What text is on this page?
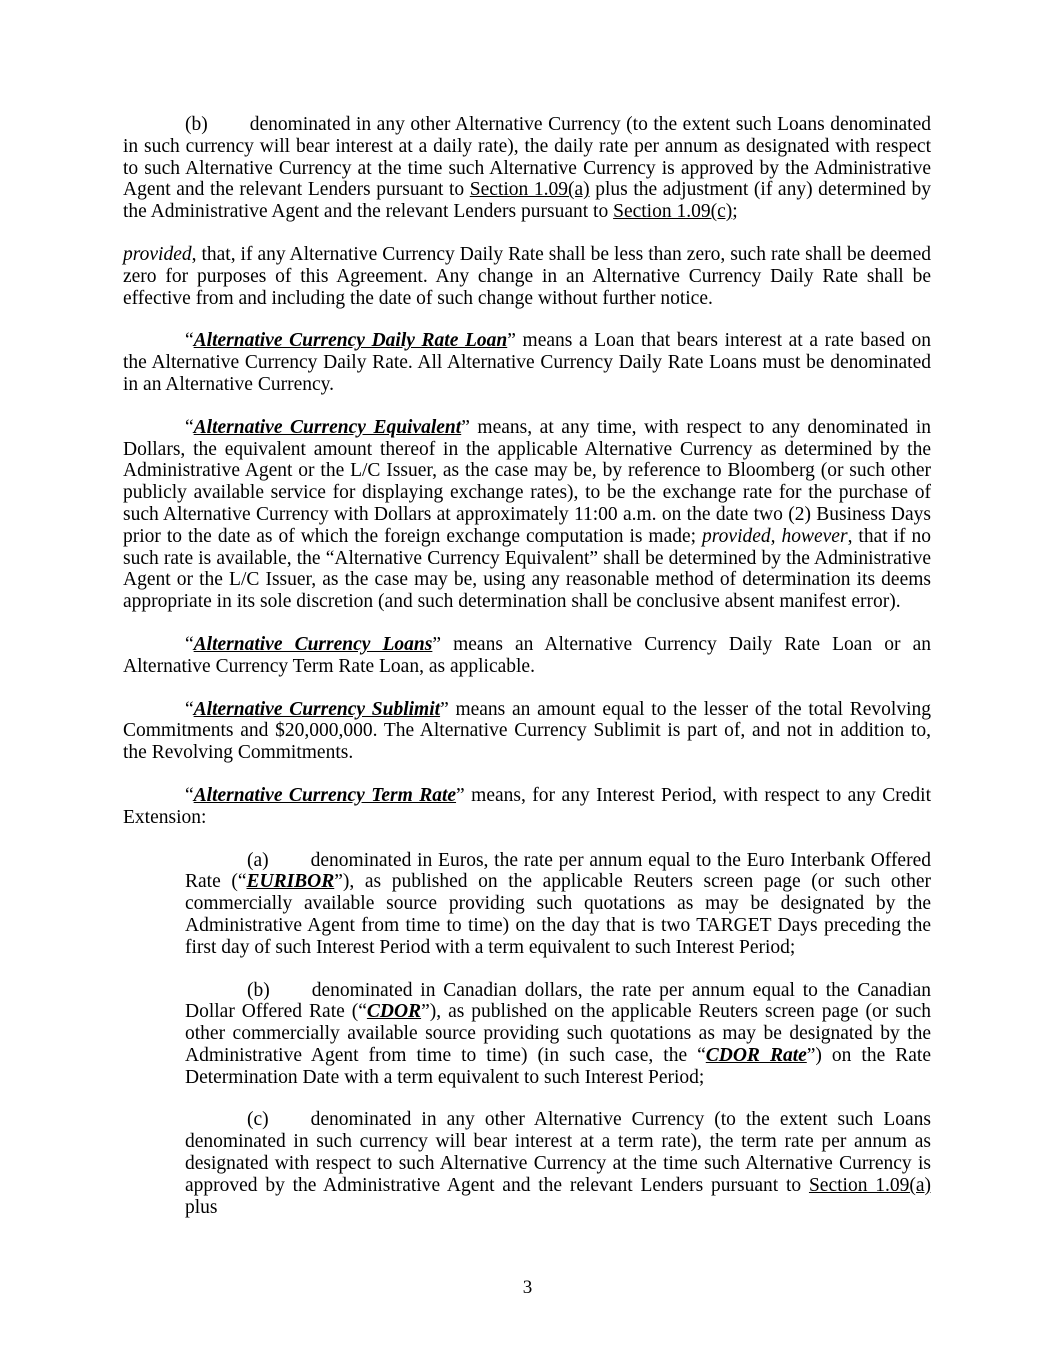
(b) denominated in any other Alternative Currency (to the extent such Loans denominated in such currency will bear interest at a daily rate), the daily rate per annum as designated with respect to such Alternative Currency at the time such Alternative Currency is approved by the Administrative Agent and the relevant Lenders pursuant to Section 1.09(a) plus the adjustment (if any) determined by the Administrative Agent and the relevant Lenders pursuant to Section 1.09(c);

provided, that, if any Alternative Currency Daily Rate shall be less than zero, such rate shall be deemed zero for purposes of this Agreement. Any change in an Alternative Currency Daily Rate shall be effective from and including the date of such change without further notice.

“Alternative Currency Daily Rate Loan” means a Loan that bears interest at a rate based on the Alternative Currency Daily Rate. All Alternative Currency Daily Rate Loans must be denominated in an Alternative Currency.

“Alternative Currency Equivalent” means, at any time, with respect to any denominated in Dollars, the equivalent amount thereof in the applicable Alternative Currency as determined by the Administrative Agent or the L/C Issuer, as the case may be, by reference to Bloomberg (or such other publicly available service for displaying exchange rates), to be the exchange rate for the purchase of such Alternative Currency with Dollars at approximately 11:00 a.m. on the date two (2) Business Days prior to the date as of which the foreign exchange computation is made; provided, however, that if no such rate is available, the “Alternative Currency Equivalent” shall be determined by the Administrative Agent or the L/C Issuer, as the case may be, using any reasonable method of determination its deems appropriate in its sole discretion (and such determination shall be conclusive absent manifest error).

“Alternative Currency Loans” means an Alternative Currency Daily Rate Loan or an Alternative Currency Term Rate Loan, as applicable.

“Alternative Currency Sublimit” means an amount equal to the lesser of the total Revolving Commitments and $20,000,000. The Alternative Currency Sublimit is part of, and not in addition to, the Revolving Commitments.

“Alternative Currency Term Rate” means, for any Interest Period, with respect to any Credit Extension:

(a) denominated in Euros, the rate per annum equal to the Euro Interbank Offered Rate (“EURIBOR”), as published on the applicable Reuters screen page (or such other commercially available source providing such quotations as may be designated by the Administrative Agent from time to time) on the day that is two TARGET Days preceding the first day of such Interest Period with a term equivalent to such Interest Period;

(b) denominated in Canadian dollars, the rate per annum equal to the Canadian Dollar Offered Rate (“CDOR”), as published on the applicable Reuters screen page (or such other commercially available source providing such quotations as may be designated by the Administrative Agent from time to time) (in such case, the “CDOR Rate”) on the Rate Determination Date with a term equivalent to such Interest Period;

(c) denominated in any other Alternative Currency (to the extent such Loans denominated in such currency will bear interest at a term rate), the term rate per annum as designated with respect to such Alternative Currency at the time such Alternative Currency is approved by the Administrative Agent and the relevant Lenders pursuant to Section 1.09(a) plus

3
